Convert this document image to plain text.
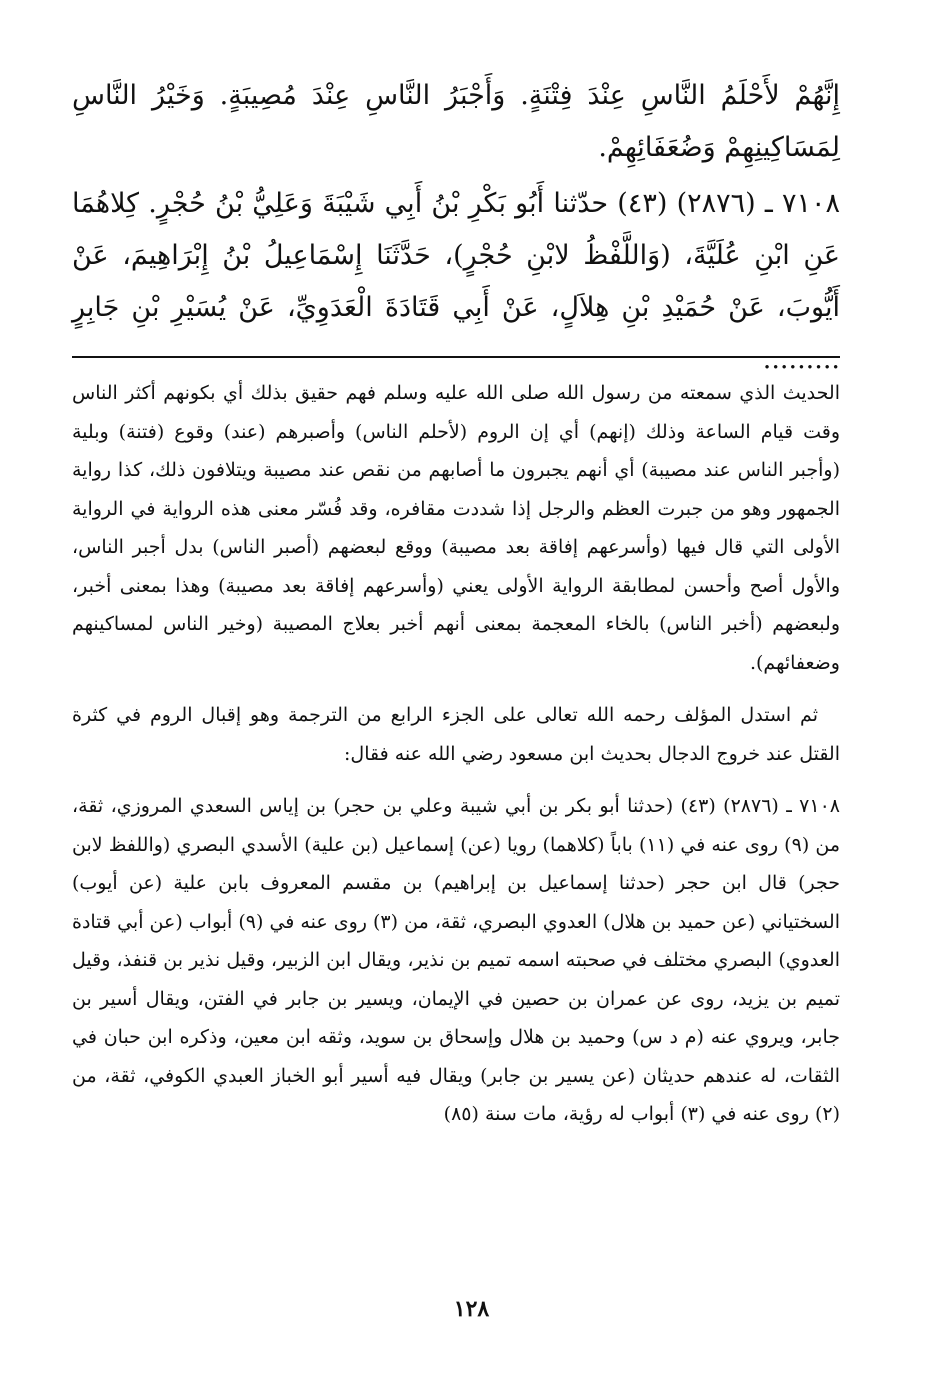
إِنَّهُمْ لأَحْلَمُ النَّاسِ عِنْدَ فِتْنَةٍ. وَأَجْبَرُ النَّاسِ عِنْدَ مُصِيبَةٍ. وَخَيْرُ النَّاسِ لِمَسَاكِينِهِمْ وَضُعَفَائِهِمْ.

٧١٠٨ ـ (٢٨٧٦) (٤٣) حدّثنا أَبُو بَكْرِ بْنُ أَبِي شَيْبَةَ وَعَلِيُّ بْنُ حُجْرٍ. كِلاهُمَا عَنِ ابْنِ عُلَيَّةَ، (وَاللَّفْظُ لابْنِ حُجْرٍ)، حَدَّثَنَا إِسْمَاعِيلُ بْنُ إِبْرَاهِيمَ، عَنْ أَيُّوبَ، عَنْ حُمَيْدِ بْنِ هِلاَلٍ، عَنْ أَبِي قَتَادَةَ الْعَدَوِيِّ، عَنْ يُسَيْرِ بْنِ جَابِرٍ .........

الحديث الذي سمعته من رسول الله صلى الله عليه وسلم فهم حقيق بذلك أي بكونهم أكثر الناس وقت قيام الساعة وذلك (إنهم) أي إن الروم (لأحلم الناس) وأصبرهم (عند) وقوع (فتنة) وبلية (وأجبر الناس عند مصيبة) أي أنهم يجبرون ما أصابهم من نقص عند مصيبة ويتلافون ذلك، كذا رواية الجمهور وهو من جبرت العظم والرجل إذا شددت مقافره، وقد فُسّر معنى هذه الرواية في الرواية الأولى التي قال فيها (وأسرعهم إفاقة بعد مصيبة) ووقع لبعضهم (أصبر الناس) بدل أجبر الناس، والأول أصح وأحسن لمطابقة الرواية الأولى يعني (وأسرعهم إفاقة بعد مصيبة) وهذا بمعنى أخبر، ولبعضهم (أخبر الناس) بالخاء المعجمة بمعنى أنهم أخبر بعلاج المصيبة (وخير الناس لمساكينهم وضعفائهم).

ثم استدل المؤلف رحمه الله تعالى على الجزء الرابع من الترجمة وهو إقبال الروم في كثرة القتل عند خروج الدجال بحديث ابن مسعود رضي الله عنه فقال:

٧١٠٨ ـ (٢٨٧٦) (٤٣) (حدثنا أبو بكر بن أبي شيبة وعلي بن حجر) بن إياس السعدي المروزي، ثقة، من (٩) روى عنه في (١١) باباً (كلاهما) رويا (عن) إسماعيل (بن علية) الأسدي البصري (واللفظ لابن حجر) قال ابن حجر (حدثنا إسماعيل بن إبراهيم) بن مقسم المعروف بابن علية (عن أيوب) السختياني (عن حميد بن هلال) العدوي البصري، ثقة، من (٣) روى عنه في (٩) أبواب (عن أبي قتادة العدوي) البصري مختلف في صحبته اسمه تميم بن نذير، ويقال ابن الزبير، وقيل نذير بن قنفذ، وقيل تميم بن يزيد، روى عن عمران بن حصين في الإيمان، ويسير بن جابر في الفتن، ويقال أسير بن جابر، ويروي عنه (م د س) وحميد بن هلال وإسحاق بن سويد، وثقه ابن معين، وذكره ابن حبان في الثقات، له عندهم حديثان (عن يسير بن جابر) ويقال فيه أسير أبو الخباز العبدي الكوفي، ثقة، من (٢) روى عنه في (٣) أبواب له رؤية، مات سنة (٨٥)

١٢٨
